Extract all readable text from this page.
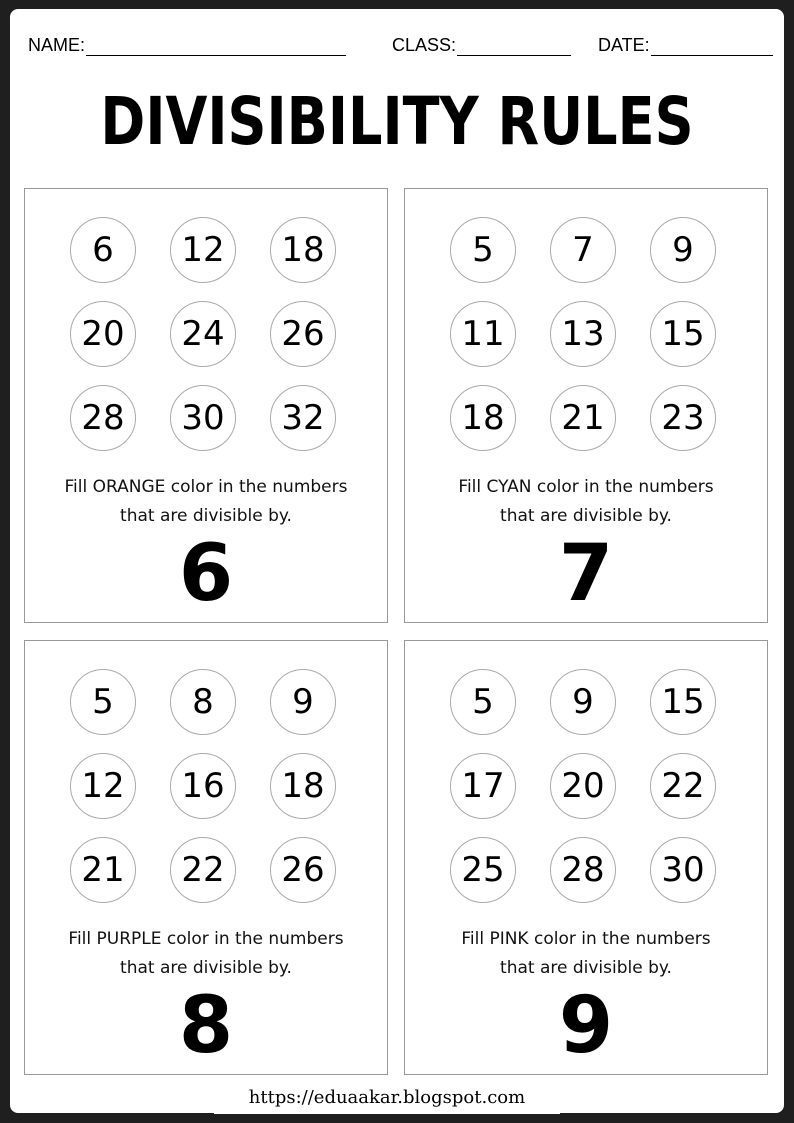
NAME:	CLASS:	DATE:
DIVISIBILITY RULES
6	12	18
20	24	26
28	30	32
Fill ORANGE color in the numbers
that are divisible by.
6
5	7	9
11	13	15
18	21	23
Fill CYAN color in the numbers
that are divisible by.
7
5	8	9
12	16	18
21	22	26
Fill PURPLE color in the numbers
that are divisible by.
8
5	9	15
17	20	22
25	28	30
Fill PINK color in the numbers
that are divisible by.
9
https://eduaakar.blogspot.com
